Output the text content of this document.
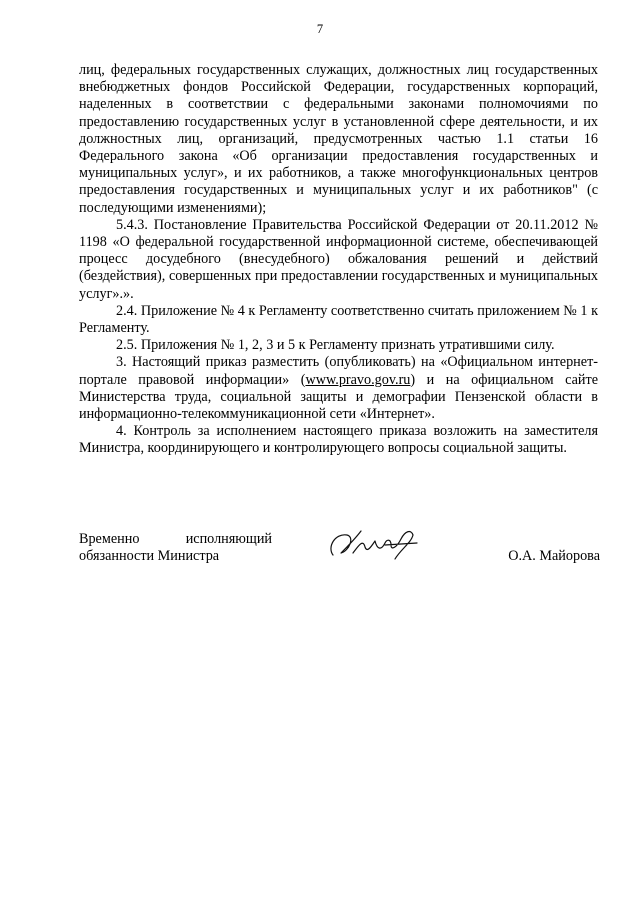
7

лиц, федеральных государственных служащих, должностных лиц государственных внебюджетных фондов Российской Федерации, государственных корпораций, наделенных в соответствии с федеральными законами полномочиями по предоставлению государственных услуг в установленной сфере деятельности, и их должностных лиц, организаций, предусмотренных частью 1.1 статьи 16 Федерального закона «Об организации предоставления государственных и муниципальных услуг», и их работников, а также многофункциональных центров предоставления государственных и муниципальных услуг и их работников" (с последующими изменениями);

5.4.3. Постановление Правительства Российской Федерации от 20.11.2012 № 1198 «О федеральной государственной информационной системе, обеспечивающей процесс досудебного (внесудебного) обжалования решений и действий (бездействия), совершенных при предоставлении государственных и муниципальных услуг».».

2.4. Приложение № 4 к Регламенту соответственно считать приложением № 1 к Регламенту.

2.5. Приложения № 1, 2, 3 и 5 к Регламенту признать утратившими силу.

3. Настоящий приказ разместить (опубликовать) на «Официальном интернет-портале правовой информации» (www.pravo.gov.ru) и на официальном сайте Министерства труда, социальной защиты и демографии Пензенской области в информационно-телекоммуникационной сети «Интернет».

4. Контроль за исполнением настоящего приказа возложить на заместителя Министра, координирующего и контролирующего вопросы социальной защиты.

Временно	исполняющий
обязанности Министра	О.А. Майорова
